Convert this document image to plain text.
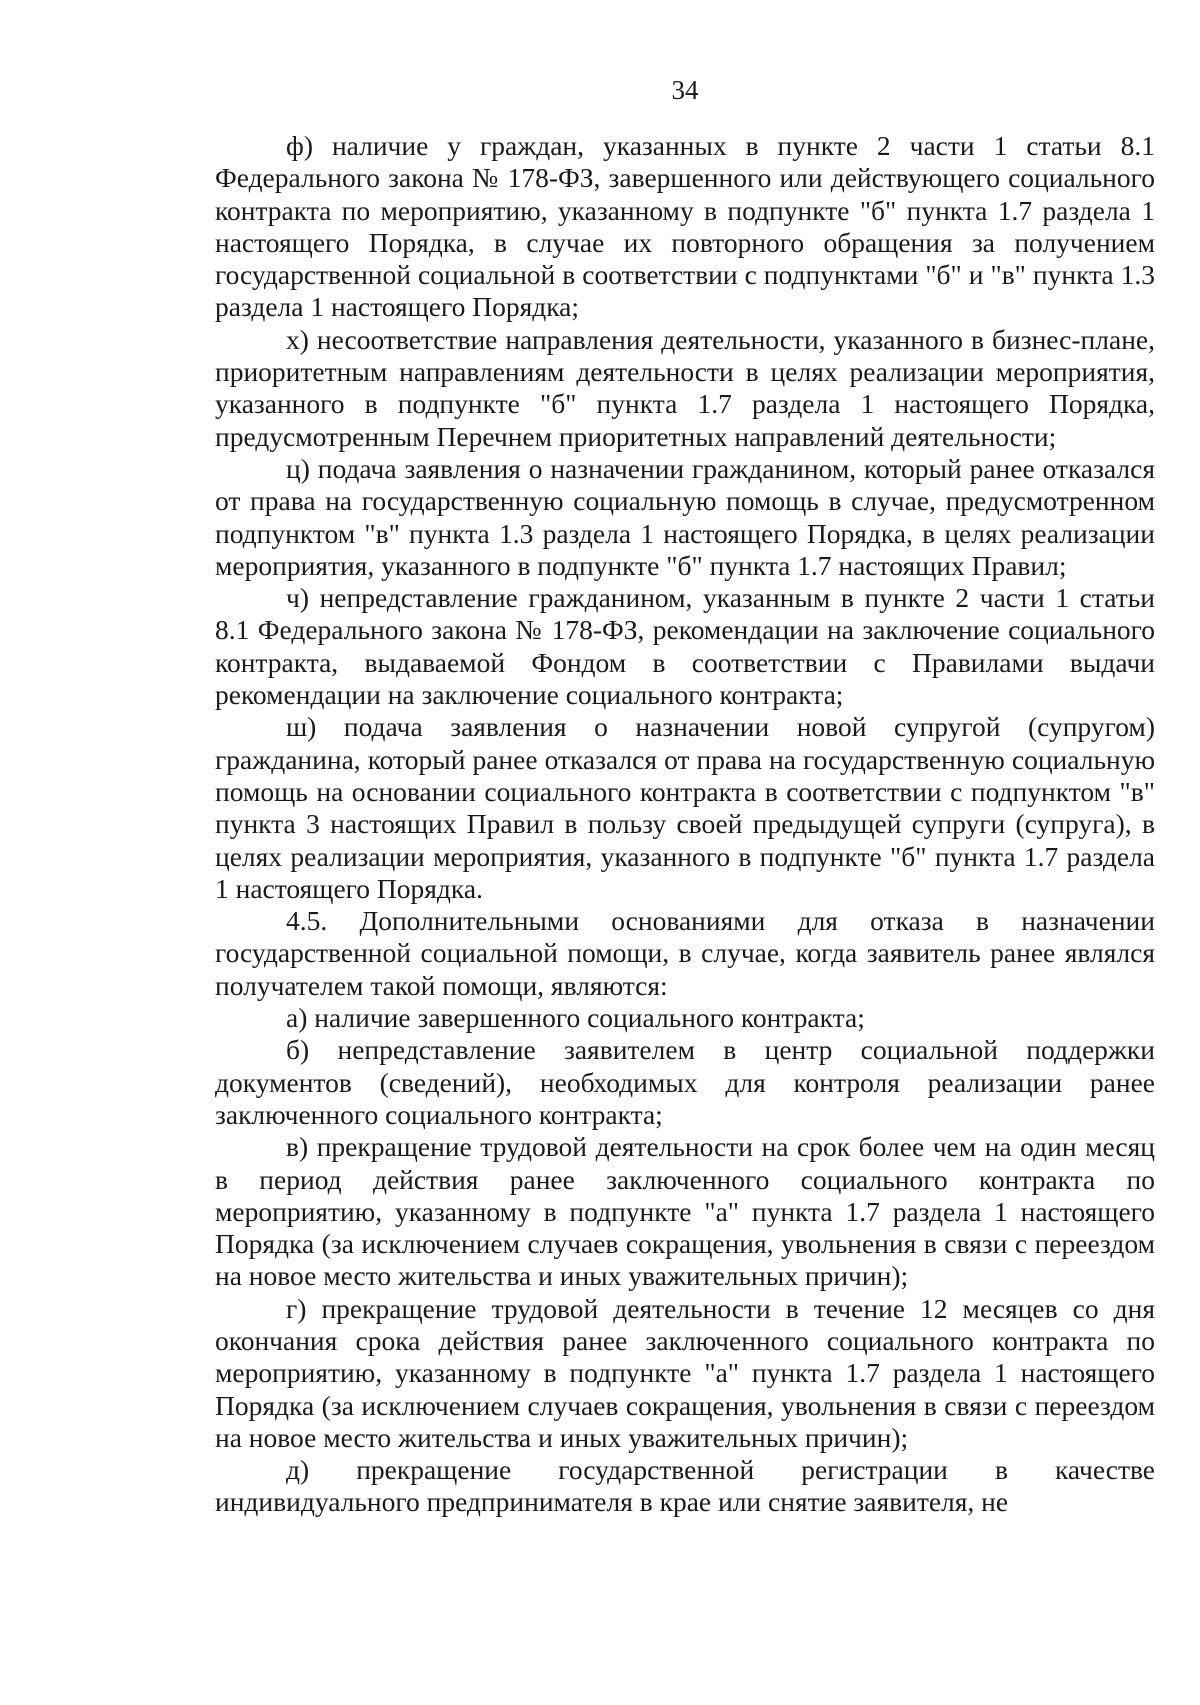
34

ф) наличие у граждан, указанных в пункте 2 части 1 статьи 8.1 Федерального закона № 178-ФЗ, завершенного или действующего социального контракта по мероприятию, указанному в подпункте "б" пункта 1.7 раздела 1 настоящего Порядка, в случае их повторного обращения за получением государственной социальной в соответствии с подпунктами "б" и "в" пункта 1.3 раздела 1 настоящего Порядка;

х) несоответствие направления деятельности, указанного в бизнес-плане, приоритетным направлениям деятельности в целях реализации мероприятия, указанного в подпункте "б" пункта 1.7 раздела 1 настоящего Порядка, предусмотренным Перечнем приоритетных направлений деятельности;

ц) подача заявления о назначении гражданином, который ранее отказался от права на государственную социальную помощь в случае, предусмотренном подпунктом "в" пункта 1.3 раздела 1 настоящего Порядка, в целях реализации мероприятия, указанного в подпункте "б" пункта 1.7 настоящих Правил;

ч) непредставление гражданином, указанным в пункте 2 части 1 статьи 8.1 Федерального закона № 178-ФЗ, рекомендации на заключение социального контракта, выдаваемой Фондом в соответствии с Правилами выдачи рекомендации на заключение социального контракта;

ш) подача заявления о назначении новой супругой (супругом) гражданина, который ранее отказался от права на государственную социальную помощь на основании социального контракта в соответствии с подпунктом "в" пункта 3 настоящих Правил в пользу своей предыдущей супруги (супруга), в целях реализации мероприятия, указанного в подпункте "б" пункта 1.7 раздела 1 настоящего Порядка.

4.5. Дополнительными основаниями для отказа в назначении государственной социальной помощи, в случае, когда заявитель ранее являлся получателем такой помощи, являются:

а) наличие завершенного социального контракта;

б) непредставление заявителем в центр социальной поддержки документов (сведений), необходимых для контроля реализации ранее заключенного социального контракта;

в) прекращение трудовой деятельности на срок более чем на один месяц в период действия ранее заключенного социального контракта по мероприятию, указанному в подпункте "а" пункта 1.7 раздела 1 настоящего Порядка (за исключением случаев сокращения, увольнения в связи с переездом на новое место жительства и иных уважительных причин);

г) прекращение трудовой деятельности в течение 12 месяцев со дня окончания срока действия ранее заключенного социального контракта по мероприятию, указанному в подпункте "а" пункта 1.7 раздела 1 настоящего Порядка (за исключением случаев сокращения, увольнения в связи с переездом на новое место жительства и иных уважительных причин);

д) прекращение государственной регистрации в качестве индивидуального предпринимателя в крае или снятие заявителя, не
